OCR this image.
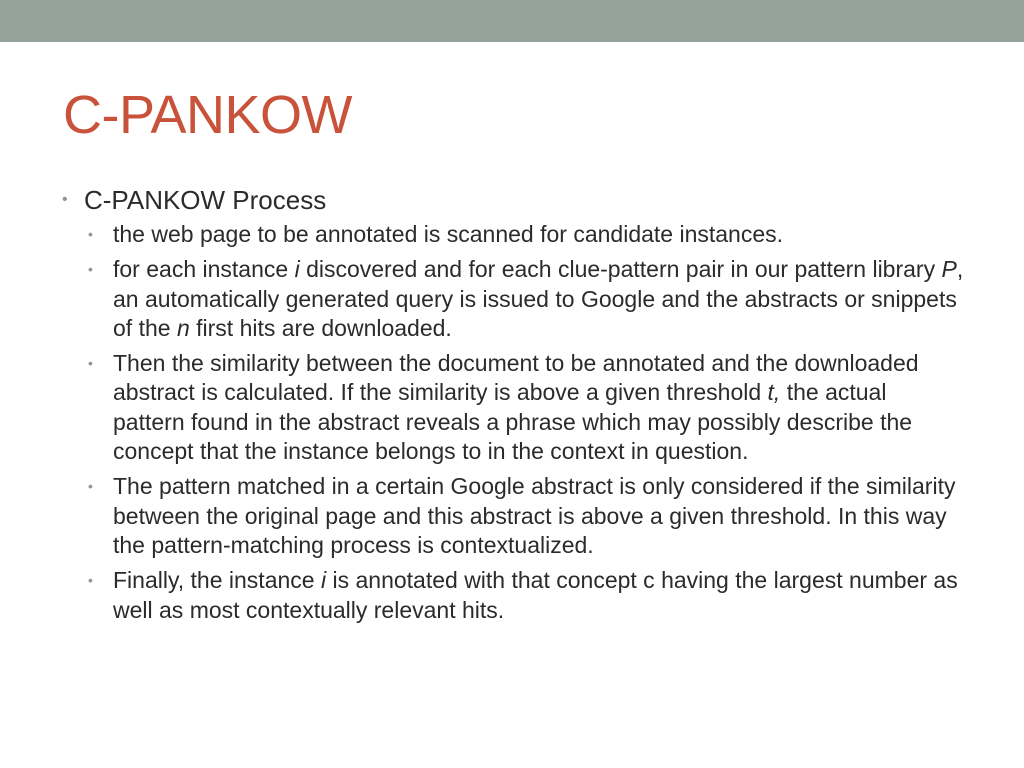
C-PANKOW
• C-PANKOW Process
• the web page to be annotated is scanned for candidate instances.
• for each instance i discovered and for each clue-pattern pair in our pattern library P, an automatically generated query is issued to Google and the abstracts or snippets of the n first hits are downloaded.
• Then the similarity between the document to be annotated and the downloaded abstract is calculated. If the similarity is above a given threshold t, the actual pattern found in the abstract reveals a phrase which may possibly describe the concept that the instance belongs to in the context in question.
• The pattern matched in a certain Google abstract is only considered if the similarity between the original page and this abstract is above a given threshold. In this way the pattern-matching process is contextualized.
• Finally, the instance i is annotated with that concept c having the largest number as well as most contextually relevant hits.
